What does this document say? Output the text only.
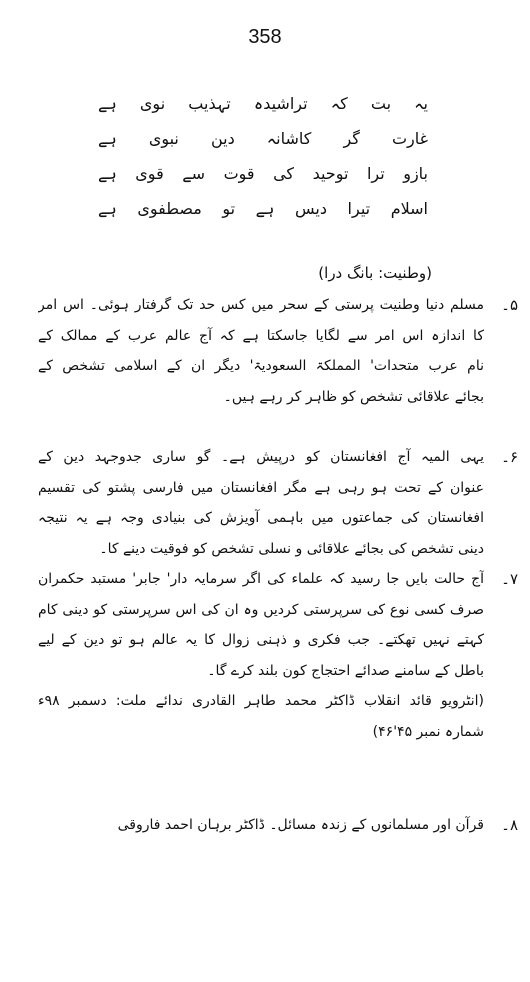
358
یہ بت کہ تراشیدہ تہذیب نوی ہے
غارت گر کاشانہ دین نبوی ہے
بازو ترا توحید کی قوت سے قوی ہے
اسلام تیرا دیس ہے تو مصطفوی ہے
(وطنیت: بانگ درا)
۵۔
مسلم دنیا وطنیت پرستی کے سحر میں کس حد تک گرفتار ہوئی۔ اس امر
کا اندازہ اس امر سے لگایا جاسکتا ہے کہ آج عالم عرب کے ممالک کے
نام عرب متحدات' المملکۃ السعودیۃ' دیگر ان کے اسلامی تشخص کے
بجائے علاقائی تشخص کو ظاہر کر رہے ہیں۔
۶۔
یہی المیہ آج افغانستان کو درپیش ہے۔ گو ساری جدوجہد دین کے
عنوان کے تحت ہو رہی ہے مگر افغانستان میں فارسی پشتو کی تقسیم
افغانستان کی جماعتوں میں باہمی آویزش کی بنیادی وجہ ہے یہ نتیجہ
دینی تشخص کی بجائے علاقائی و نسلی تشخص کو فوقیت دینے کا۔
۷۔
آج حالت بایں جا رسید کہ علماء کی اگر سرمایہ دار' جابر' مستبد حکمران
صرف کسی نوع کی سرپرستی کردیں وہ ان کی اس سرپرستی کو دینی کام
کہتے نہیں تھکتے۔ جب فکری و ذہنی زوال کا یہ عالم ہو تو دین کے لیے
باطل کے سامنے صدائے احتجاج کون بلند کرے گا۔
(انٹرویو قائد انقلاب ڈاکٹر محمد طاہر القادری ندائے ملت: دسمبر ۹۸ء
شمارہ نمبر ۴۵'۴۶)
۸۔
قرآن اور مسلمانوں کے زندہ مسائل۔ ڈاکٹر برہان احمد فاروقی
